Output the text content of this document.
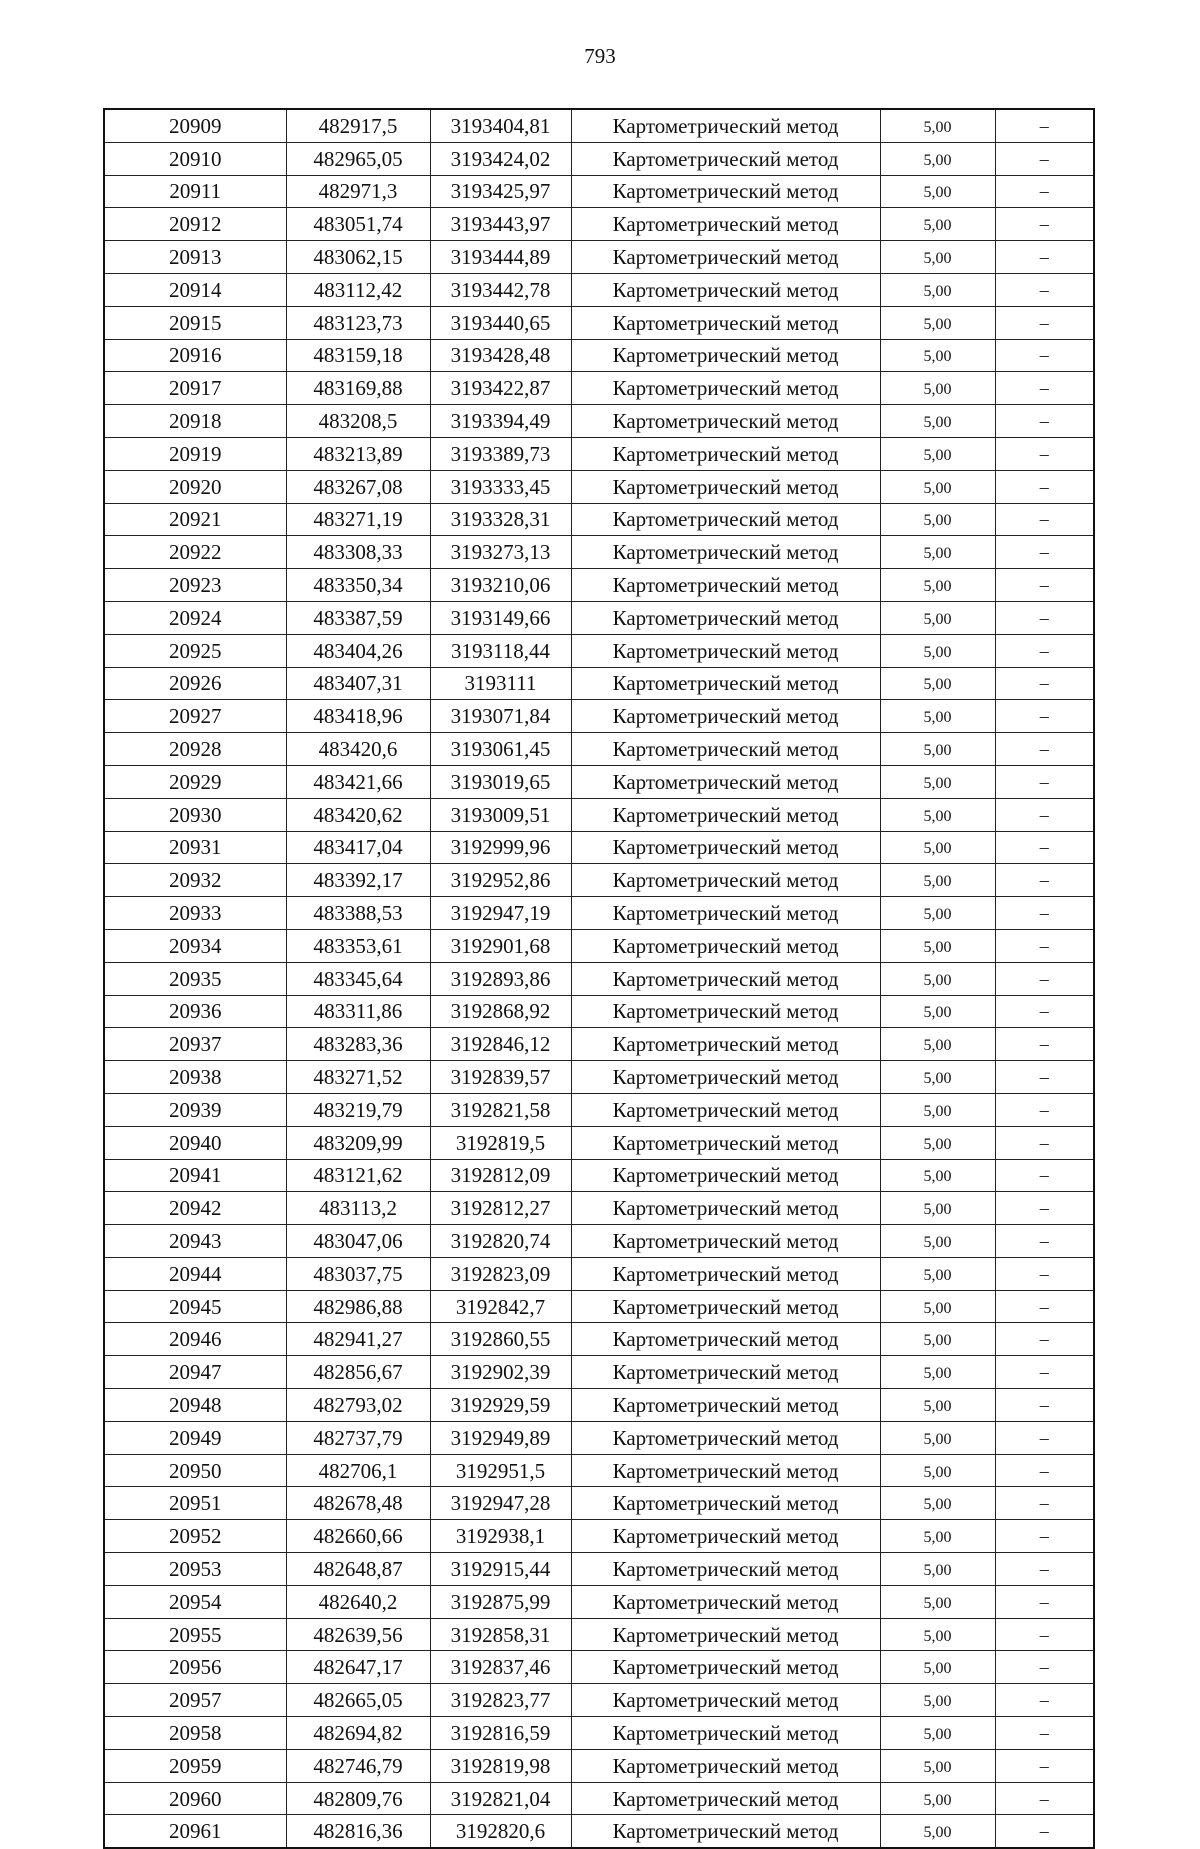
793
20909	482917,5	3193404,81	Картометрический метод	5,00	–
20910	482965,05	3193424,02	Картометрический метод	5,00	–
20911	482971,3	3193425,97	Картометрический метод	5,00	–
20912	483051,74	3193443,97	Картометрический метод	5,00	–
20913	483062,15	3193444,89	Картометрический метод	5,00	–
20914	483112,42	3193442,78	Картометрический метод	5,00	–
20915	483123,73	3193440,65	Картометрический метод	5,00	–
20916	483159,18	3193428,48	Картометрический метод	5,00	–
20917	483169,88	3193422,87	Картометрический метод	5,00	–
20918	483208,5	3193394,49	Картометрический метод	5,00	–
20919	483213,89	3193389,73	Картометрический метод	5,00	–
20920	483267,08	3193333,45	Картометрический метод	5,00	–
20921	483271,19	3193328,31	Картометрический метод	5,00	–
20922	483308,33	3193273,13	Картометрический метод	5,00	–
20923	483350,34	3193210,06	Картометрический метод	5,00	–
20924	483387,59	3193149,66	Картометрический метод	5,00	–
20925	483404,26	3193118,44	Картометрический метод	5,00	–
20926	483407,31	3193111	Картометрический метод	5,00	–
20927	483418,96	3193071,84	Картометрический метод	5,00	–
20928	483420,6	3193061,45	Картометрический метод	5,00	–
20929	483421,66	3193019,65	Картометрический метод	5,00	–
20930	483420,62	3193009,51	Картометрический метод	5,00	–
20931	483417,04	3192999,96	Картометрический метод	5,00	–
20932	483392,17	3192952,86	Картометрический метод	5,00	–
20933	483388,53	3192947,19	Картометрический метод	5,00	–
20934	483353,61	3192901,68	Картометрический метод	5,00	–
20935	483345,64	3192893,86	Картометрический метод	5,00	–
20936	483311,86	3192868,92	Картометрический метод	5,00	–
20937	483283,36	3192846,12	Картометрический метод	5,00	–
20938	483271,52	3192839,57	Картометрический метод	5,00	–
20939	483219,79	3192821,58	Картометрический метод	5,00	–
20940	483209,99	3192819,5	Картометрический метод	5,00	–
20941	483121,62	3192812,09	Картометрический метод	5,00	–
20942	483113,2	3192812,27	Картометрический метод	5,00	–
20943	483047,06	3192820,74	Картометрический метод	5,00	–
20944	483037,75	3192823,09	Картометрический метод	5,00	–
20945	482986,88	3192842,7	Картометрический метод	5,00	–
20946	482941,27	3192860,55	Картометрический метод	5,00	–
20947	482856,67	3192902,39	Картометрический метод	5,00	–
20948	482793,02	3192929,59	Картометрический метод	5,00	–
20949	482737,79	3192949,89	Картометрический метод	5,00	–
20950	482706,1	3192951,5	Картометрический метод	5,00	–
20951	482678,48	3192947,28	Картометрический метод	5,00	–
20952	482660,66	3192938,1	Картометрический метод	5,00	–
20953	482648,87	3192915,44	Картометрический метод	5,00	–
20954	482640,2	3192875,99	Картометрический метод	5,00	–
20955	482639,56	3192858,31	Картометрический метод	5,00	–
20956	482647,17	3192837,46	Картометрический метод	5,00	–
20957	482665,05	3192823,77	Картометрический метод	5,00	–
20958	482694,82	3192816,59	Картометрический метод	5,00	–
20959	482746,79	3192819,98	Картометрический метод	5,00	–
20960	482809,76	3192821,04	Картометрический метод	5,00	–
20961	482816,36	3192820,6	Картометрический метод	5,00	–
